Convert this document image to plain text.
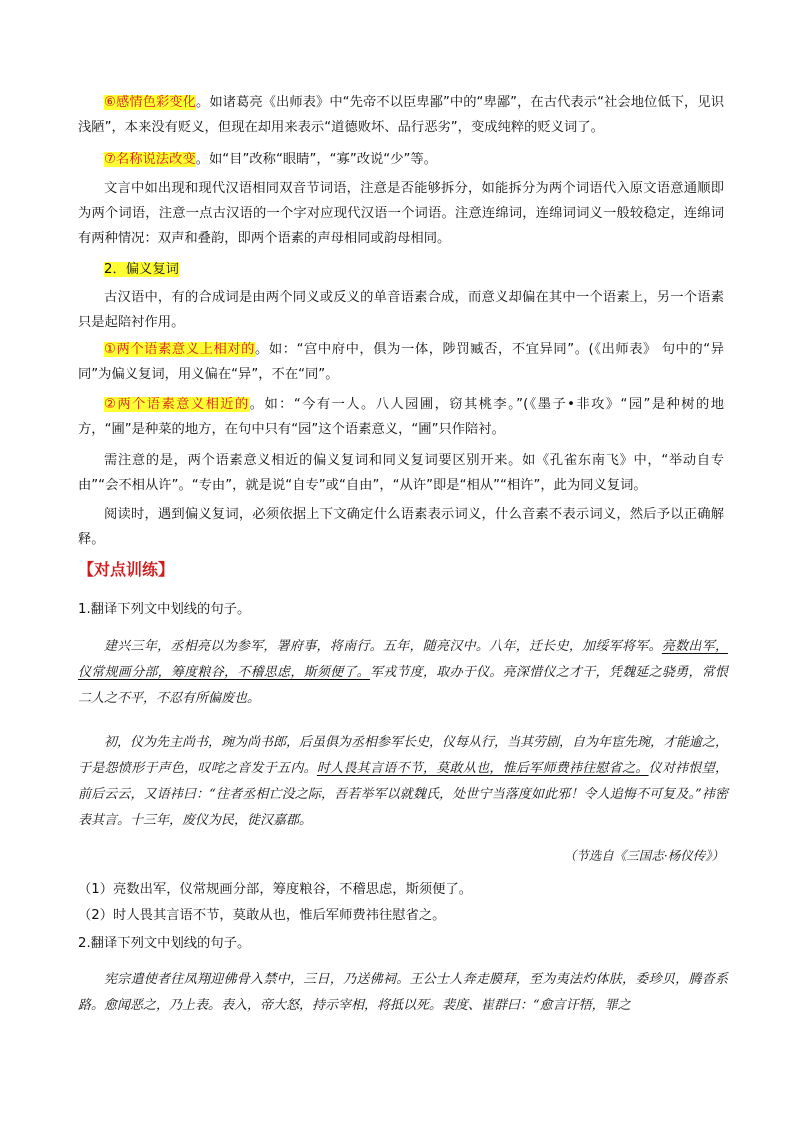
⑥感情色彩变化。如诸葛亮《出师表》中“先帝不以臣卑鄙”中的“卑鄙”，在古代表示“社会地位低下，见识浅陋”，本来没有贬义，但现在却用来表示“道德败坏、品行恶劣”，变成纯粹的贬义词了。

⑦名称说法改变。如“目”改称“眼睛”，“寡”改说“少”等。

文言中如出现和现代汉语相同双音节词语，注意是否能够拆分，如能拆分为两个词语代入原文语意通顺即为两个词语，注意一点古汉语的一个字对应现代汉语一个词语。注意连绵词，连绵词词义一般较稳定，连绵词有两种情况：双声和叠韵，即两个语素的声母相同或韵母相同。

2．偏义复词

古汉语中，有的合成词是由两个同义或反义的单音语素合成，而意义却偏在其中一个语素上，另一个语素只是起陪衬作用。

①两个语素意义上相对的。如：“宫中府中，俱为一体，陟罚臧否，不宜异同”。(《出师表》 句中的“异同”为偏义复词，用义偏在“异”，不在“同”。

②两个语素意义相近的。如：“今有一人。八人园圃，窃其桃李。”(《墨子•非攻》“园”是种树的地方，“圃”是种菜的地方，在句中只有“园”这个语素意义，“圃”只作陪衬。

需注意的是，两个语素意义相近的偏义复词和同义复词要区别开来。如《孔雀东南飞》中，“举动自专由”“会不相从许”。“专由”，就是说“自专”或“自由”，“从许”即是“相从”“相许”，此为同义复词。

阅读时，遇到偏义复词，必须依据上下文确定什么语素表示词义，什么音素不表示词义，然后予以正确解释。

【对点训练】

1.翻译下列文中划线的句子。

建兴三年，丞相亮以为参军，署府事，将南行。五年，随亮汉中。八年，迁长史，加绥军将军。亮数出军，仪常规画分部，筹度粮谷，不稽思虑，斯须便了。军戎节度，取办于仪。亮深惜仪之才干，凭魏延之骁勇，常恨二人之不平，不忍有所偏废也。

初，仪为先主尚书，琬为尚书郎，后虽俱为丞相参军长史，仪每从行，当其劳剧，自为年宦先琬，才能逾之，于是怨愤形于声色，叹咤之音发于五内。时人畏其言语不节，莫敢从也，惟后军师费祎往慰省之。仪对祎恨望，前后云云，又语祎曰：“往者丞相亡没之际，吾若举军以就魏氏，处世宁当落度如此邪！令人追悔不可复及。”祎密表其言。十三年，废仪为民，徙汉嘉郡。

（节选自《三国志·杨仪传》）

（1）亮数出军，仪常规画分部，筹度粮谷，不稽思虑，斯须便了。

（2）时人畏其言语不节，莫敢从也，惟后军师费祎往慰省之。

2.翻译下列文中划线的句子。

宪宗遣使者往凤翔迎佛骨入禁中，三日，乃送佛祠。王公士人奔走膜拜，至为夷法灼体肤，委珍贝，腾沓系路。愈闻恶之，乃上表。表入，帝大怒，持示宰相，将抵以死。裴度、崔群曰：“愈言讦牾，罪之
